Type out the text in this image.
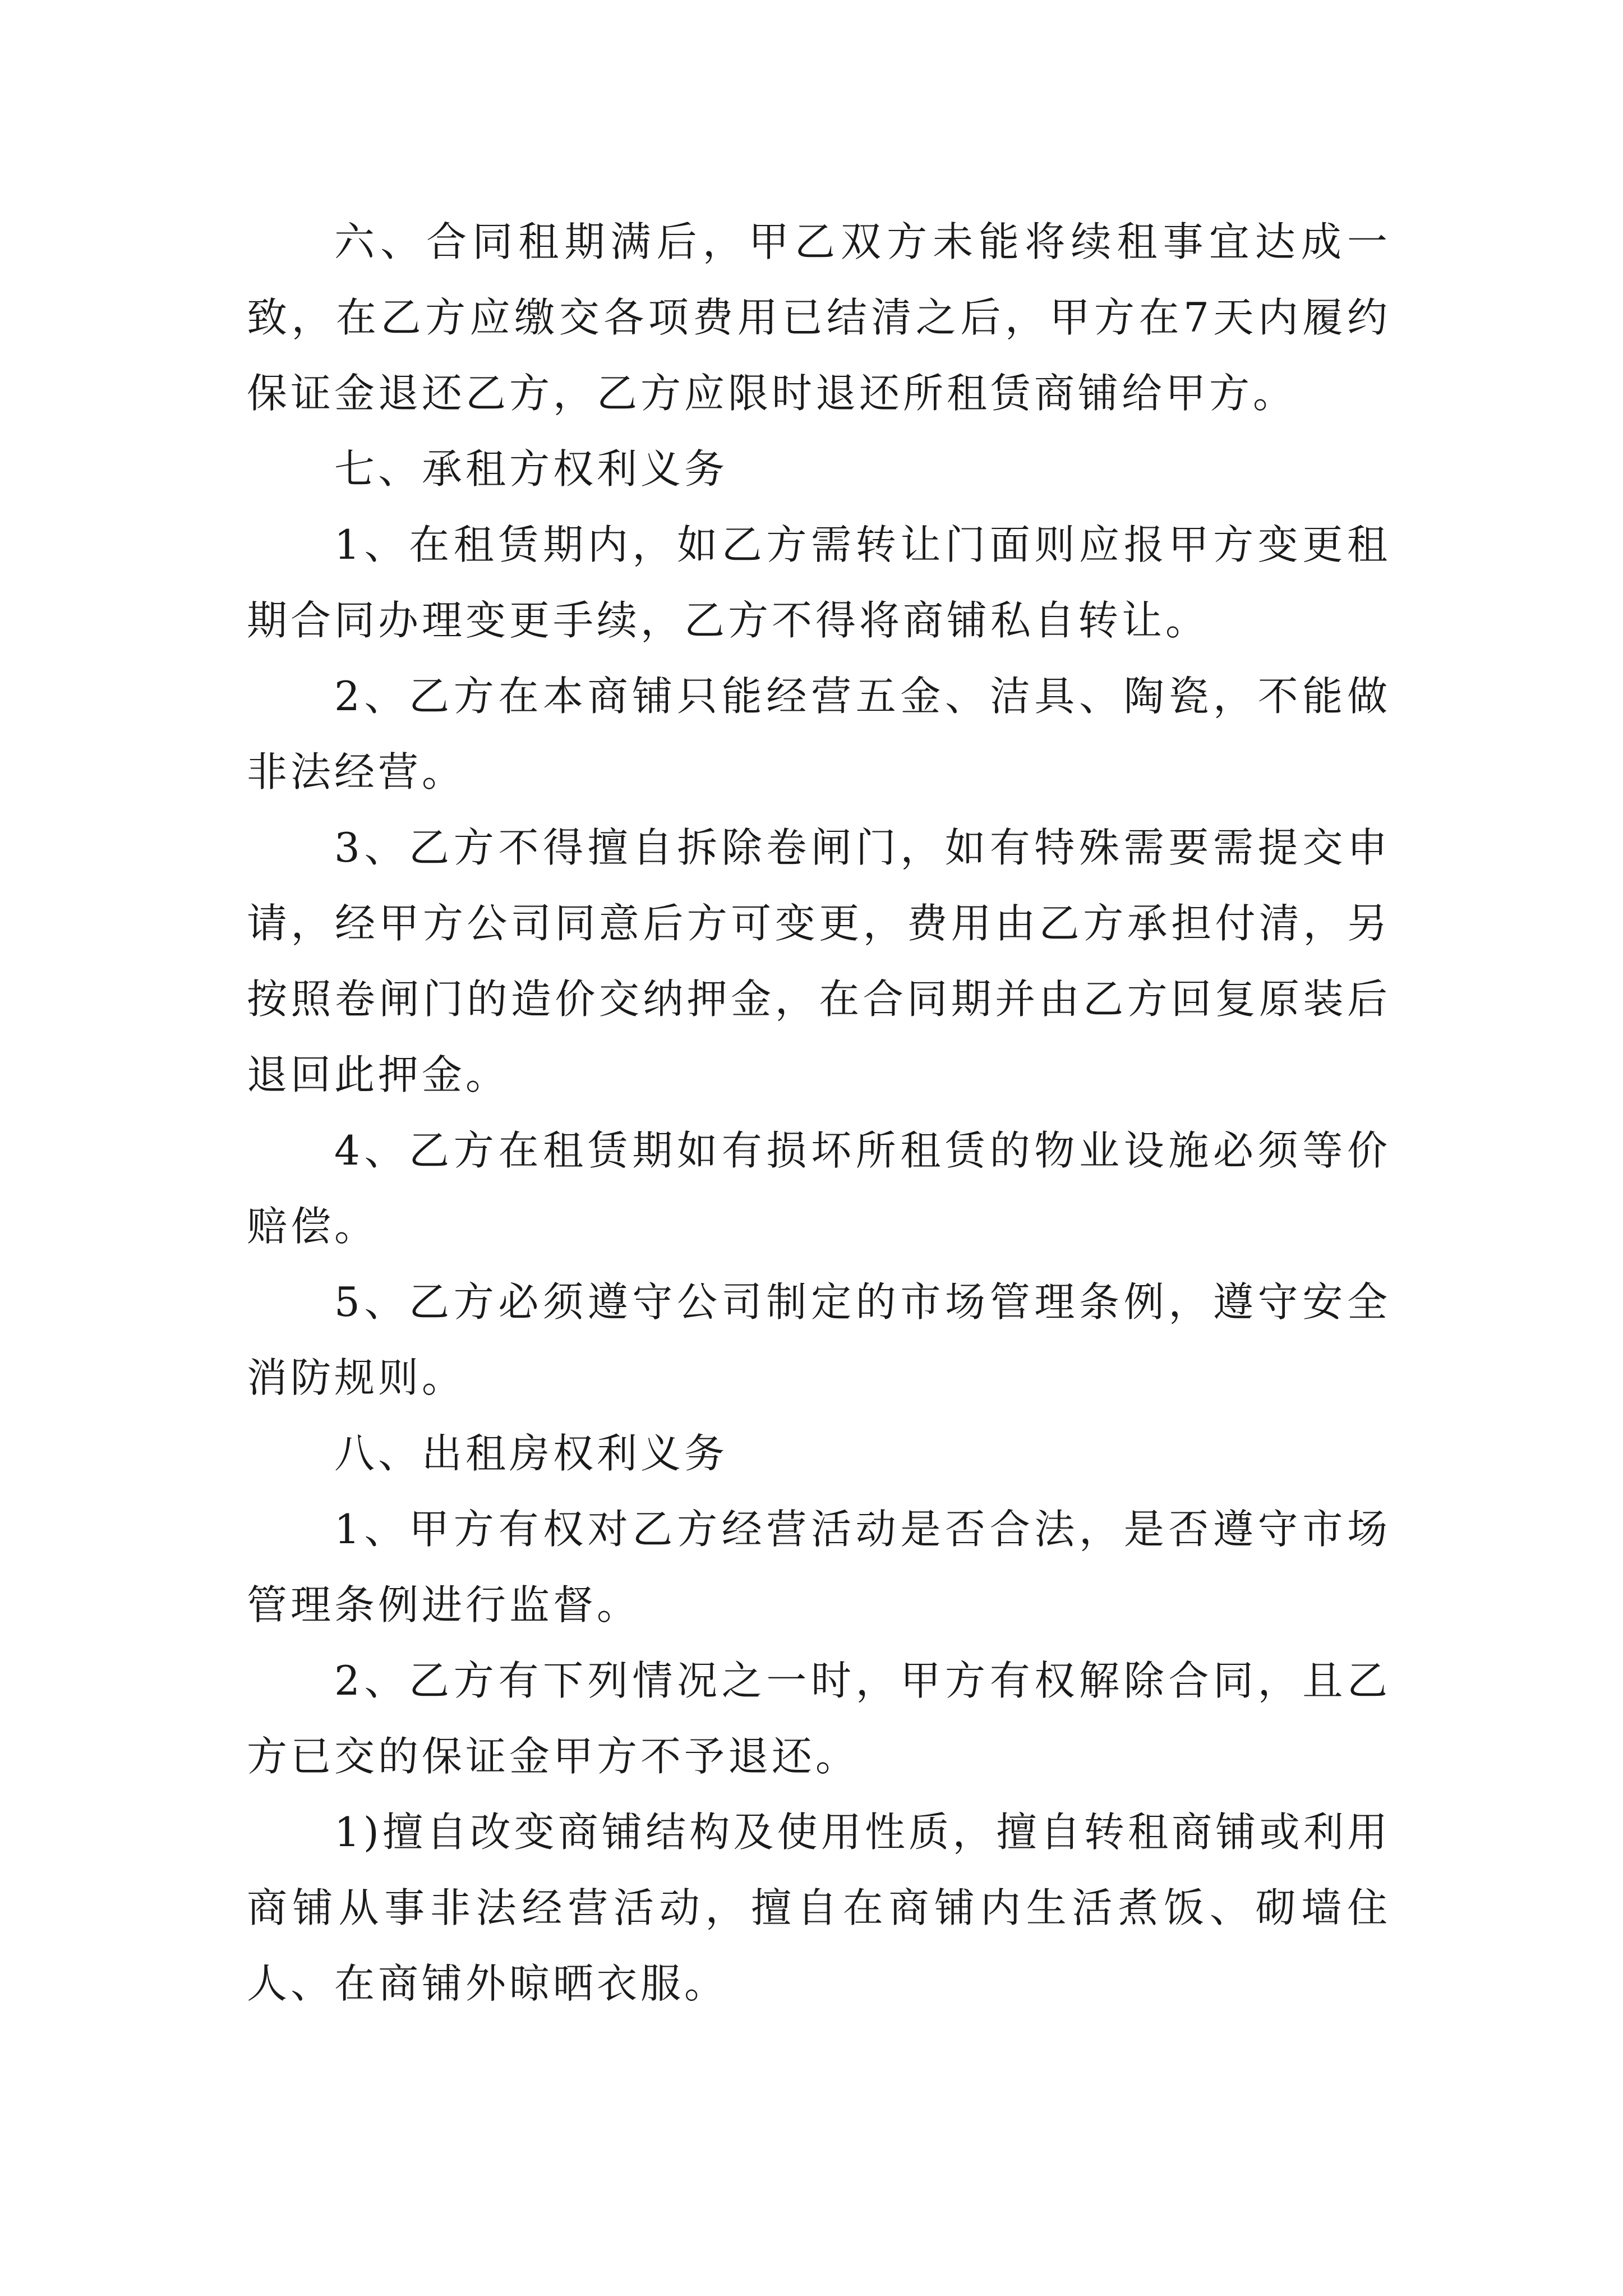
六、合同租期满后，甲乙双方未能将续租事宜达成一致，在乙方应缴交各项费用已结清之后，甲方在7天内履约保证金退还乙方，乙方应限时退还所租赁商铺给甲方。

七、承租方权利义务

1、在租赁期内，如乙方需转让门面则应报甲方变更租期合同办理变更手续，乙方不得将商铺私自转让。

2、乙方在本商铺只能经营五金、洁具、陶瓷，不能做非法经营。

3、乙方不得擅自拆除卷闸门，如有特殊需要需提交申请，经甲方公司同意后方可变更，费用由乙方承担付清，另按照卷闸门的造价交纳押金，在合同期并由乙方回复原装后退回此押金。

4、乙方在租赁期如有损坏所租赁的物业设施必须等价赔偿。

5、乙方必须遵守公司制定的市场管理条例，遵守安全消防规则。

八、出租房权利义务

1、甲方有权对乙方经营活动是否合法，是否遵守市场管理条例进行监督。

2、乙方有下列情况之一时，甲方有权解除合同，且乙方已交的保证金甲方不予退还。

1)擅自改变商铺结构及使用性质，擅自转租商铺或利用商铺从事非法经营活动，擅自在商铺内生活煮饭、砌墙住人、在商铺外晾晒衣服。
